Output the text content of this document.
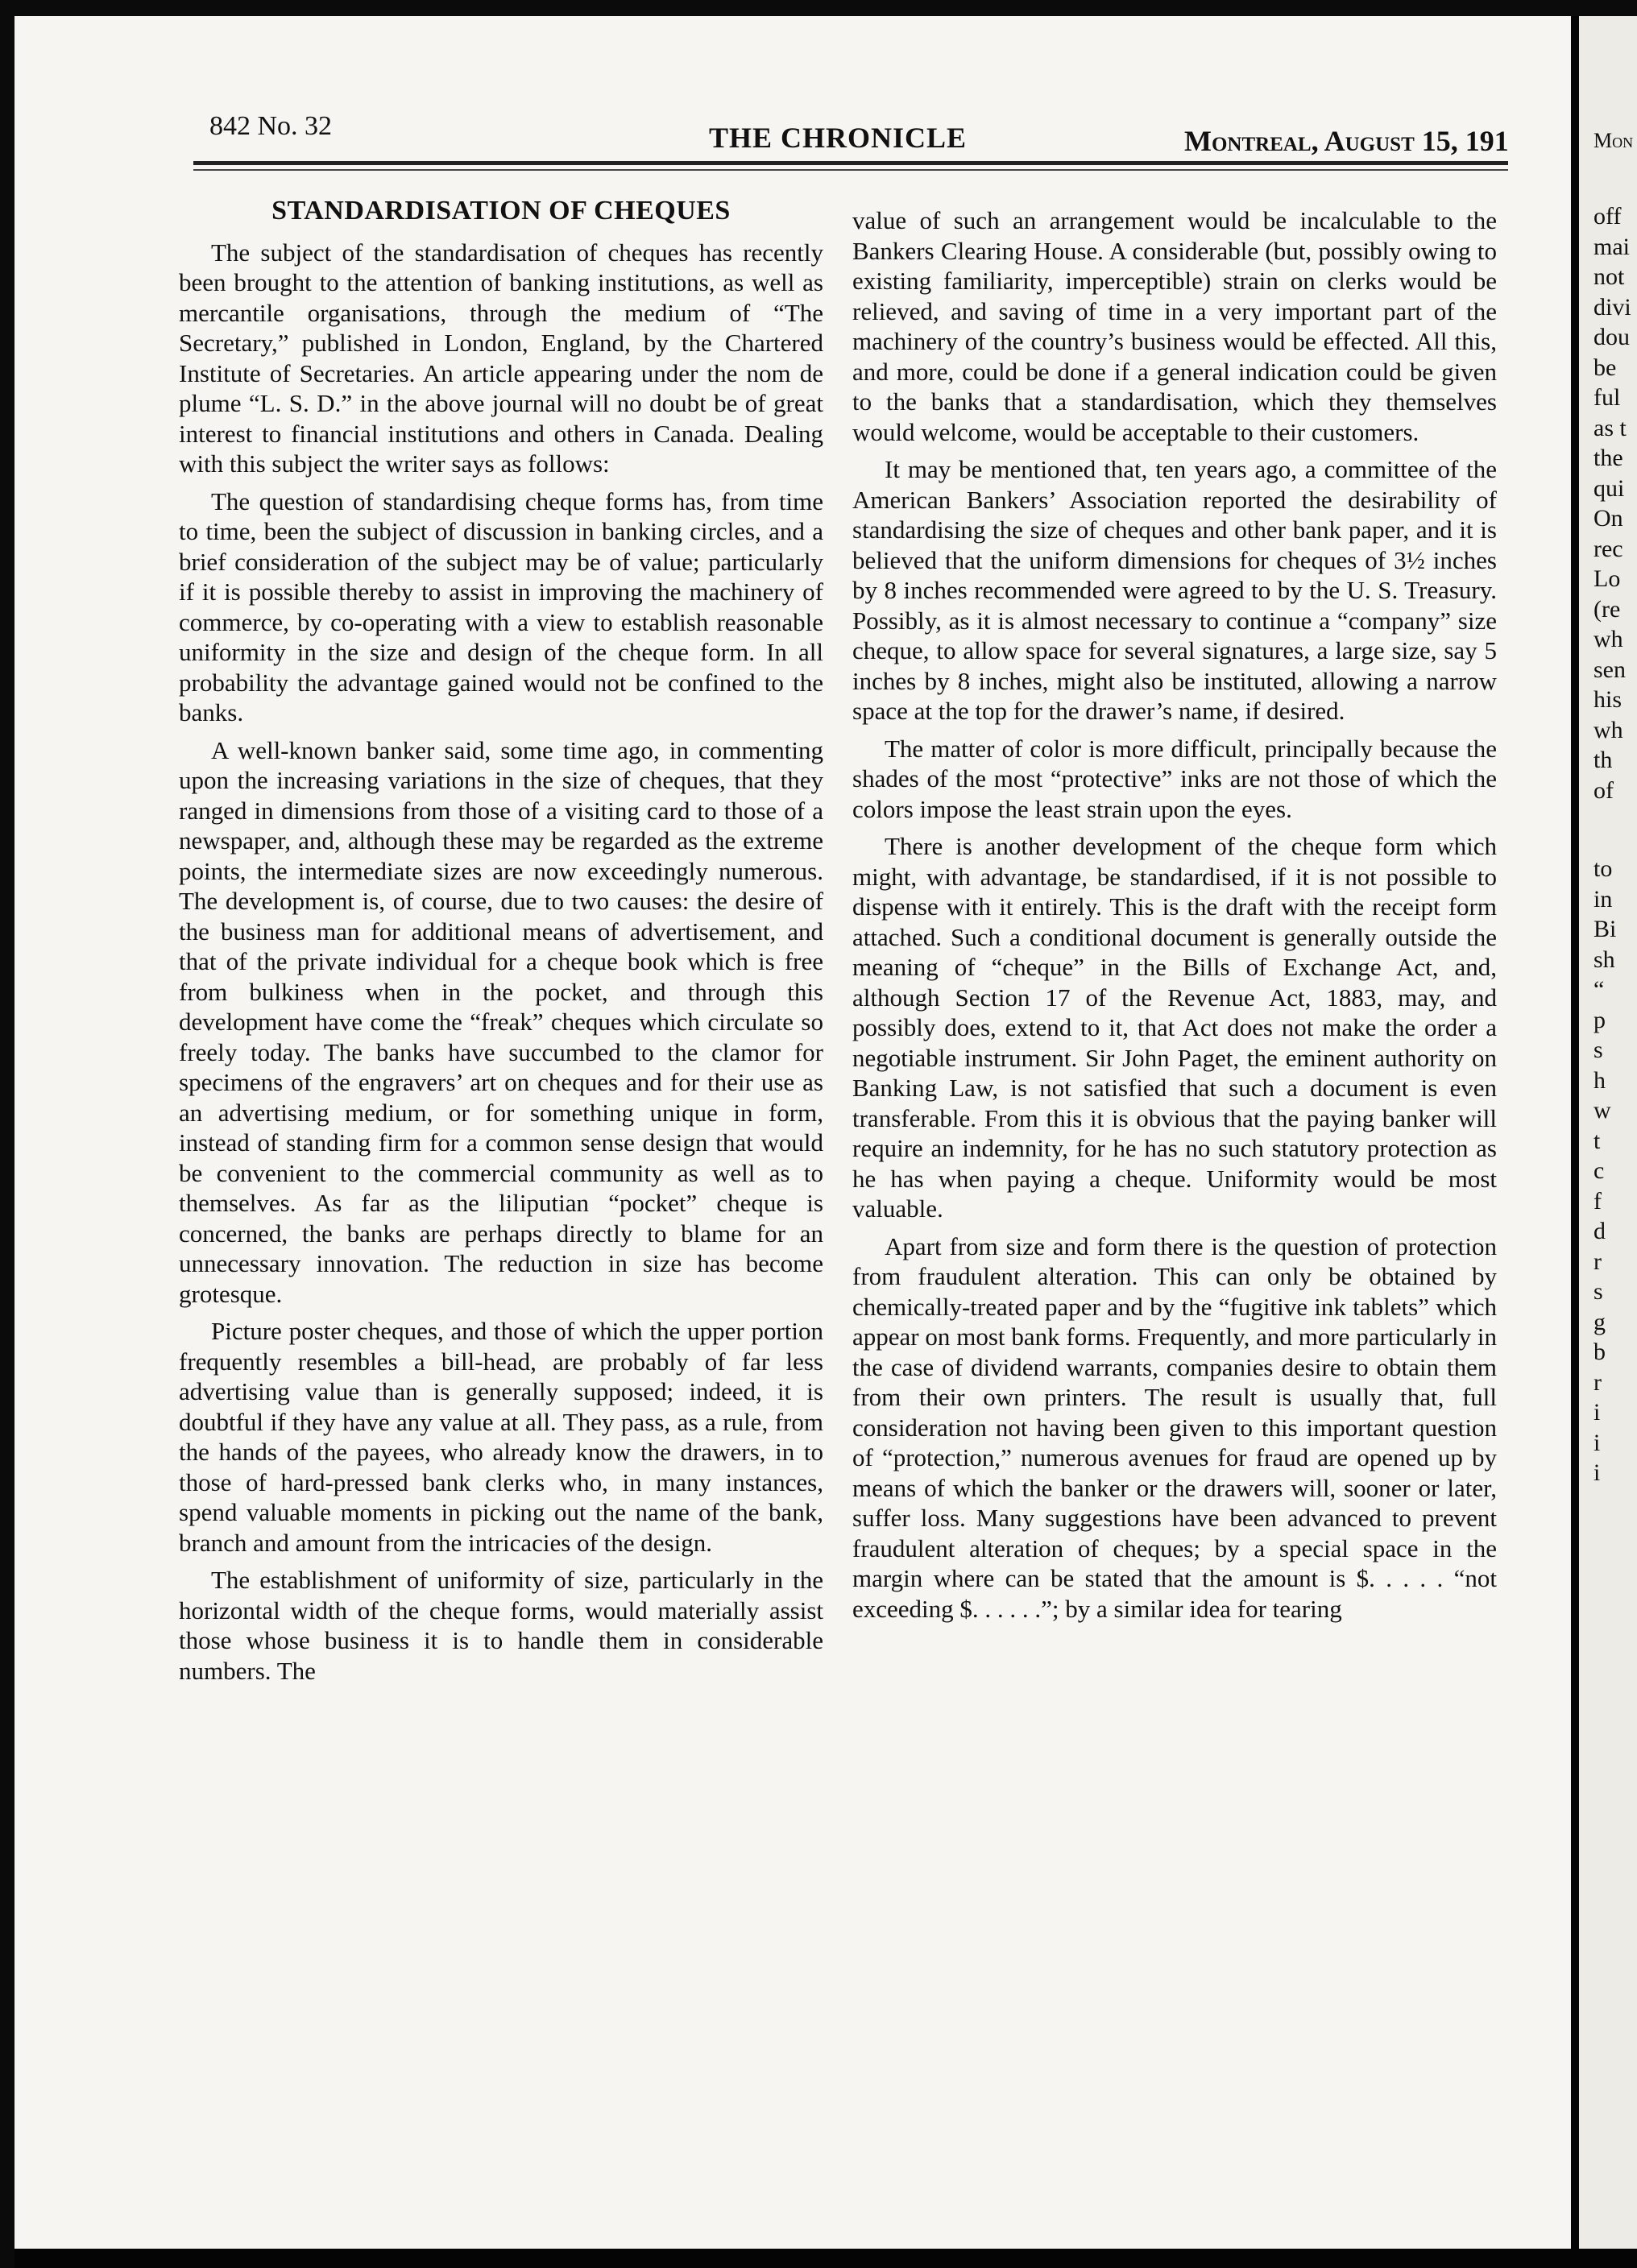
842 No. 32	THE CHRONICLE	Montreal, August 15, 191
STANDARDISATION OF CHEQUES

The subject of the standardisation of cheques has recently been brought to the attention of banking institutions, as well as mercantile organisations, through the medium of “The Secretary,” published in London, England, by the Chartered Institute of Secretaries. An article appearing under the nom de plume “L. S. D.” in the above journal will no doubt be of great interest to financial institutions and others in Canada. Dealing with this subject the writer says as follows:

The question of standardising cheque forms has, from time to time, been the subject of discussion in banking circles, and a brief consideration of the subject may be of value; particularly if it is possible thereby to assist in improving the machinery of commerce, by co-operating with a view to establish reasonable uniformity in the size and design of the cheque form. In all probability the advantage gained would not be confined to the banks.

A well-known banker said, some time ago, in commenting upon the increasing variations in the size of cheques, that they ranged in dimensions from those of a visiting card to those of a newspaper, and, although these may be regarded as the extreme points, the intermediate sizes are now exceedingly numerous. The development is, of course, due to two causes: the desire of the business man for additional means of advertisement, and that of the private individual for a cheque book which is free from bulkiness when in the pocket, and through this development have come the “freak” cheques which circulate so freely today. The banks have succumbed to the clamor for specimens of the engravers’ art on cheques and for their use as an advertising medium, or for something unique in form, instead of standing firm for a common sense design that would be convenient to the commercial community as well as to themselves. As far as the liliputian “pocket” cheque is concerned, the banks are perhaps directly to blame for an unnecessary innovation. The reduction in size has become grotesque.

Picture poster cheques, and those of which the upper portion frequently resembles a bill-head, are probably of far less advertising value than is generally supposed; indeed, it is doubtful if they have any value at all. They pass, as a rule, from the hands of the payees, who already know the drawers, in to those of hard-pressed bank clerks who, in many instances, spend valuable moments in picking out the name of the bank, branch and amount from the intricacies of the design.

The establishment of uniformity of size, particularly in the horizontal width of the cheque forms, would materially assist those whose business it is to handle them in considerable numbers. The

value of such an arrangement would be incalculable to the Bankers Clearing House. A considerable (but, possibly owing to existing familiarity, imperceptible) strain on clerks would be relieved, and saving of time in a very important part of the machinery of the country’s business would be effected. All this, and more, could be done if a general indication could be given to the banks that a standardisation, which they themselves would welcome, would be acceptable to their customers.

It may be mentioned that, ten years ago, a committee of the American Bankers’ Association reported the desirability of standardising the size of cheques and other bank paper, and it is believed that the uniform dimensions for cheques of 3½ inches by 8 inches recommended were agreed to by the U. S. Treasury. Possibly, as it is almost necessary to continue a “company” size cheque, to allow space for several signatures, a large size, say 5 inches by 8 inches, might also be instituted, allowing a narrow space at the top for the drawer’s name, if desired.

The matter of color is more difficult, principally because the shades of the most “protective” inks are not those of which the colors impose the least strain upon the eyes.

There is another development of the cheque form which might, with advantage, be standardised, if it is not possible to dispense with it entirely. This is the draft with the receipt form attached. Such a conditional document is generally outside the meaning of “cheque” in the Bills of Exchange Act, and, although Section 17 of the Revenue Act, 1883, may, and possibly does, extend to it, that Act does not make the order a negotiable instrument. Sir John Paget, the eminent authority on Banking Law, is not satisfied that such a document is even transferable. From this it is obvious that the paying banker will require an indemnity, for he has no such statutory protection as he has when paying a cheque. Uniformity would be most valuable.

Apart from size and form there is the question of protection from fraudulent alteration. This can only be obtained by chemically-treated paper and by the “fugitive ink tablets” which appear on most bank forms. Frequently, and more particularly in the case of dividend warrants, companies desire to obtain them from their own printers. The result is usually that, full consideration not having been given to this important question of “protection,” numerous avenues for fraud are opened up by means of which the banker or the drawers will, sooner or later, suffer loss. Many suggestions have been advanced to prevent fraudulent alteration of cheques; by a special space in the margin where can be stated that the amount is $. . . . . “not exceeding $. . . . . .”; by a similar idea for tearing

Mon
off
mai
not
divi
dou
be
ful
as t
the
qui
On
rec
Lo
(re
wh
sen
his
wh
th
of
to
in
Bi
sh
“
p
s
h
w
t
c
f
d
r
s
g
b
r
i
i
i
